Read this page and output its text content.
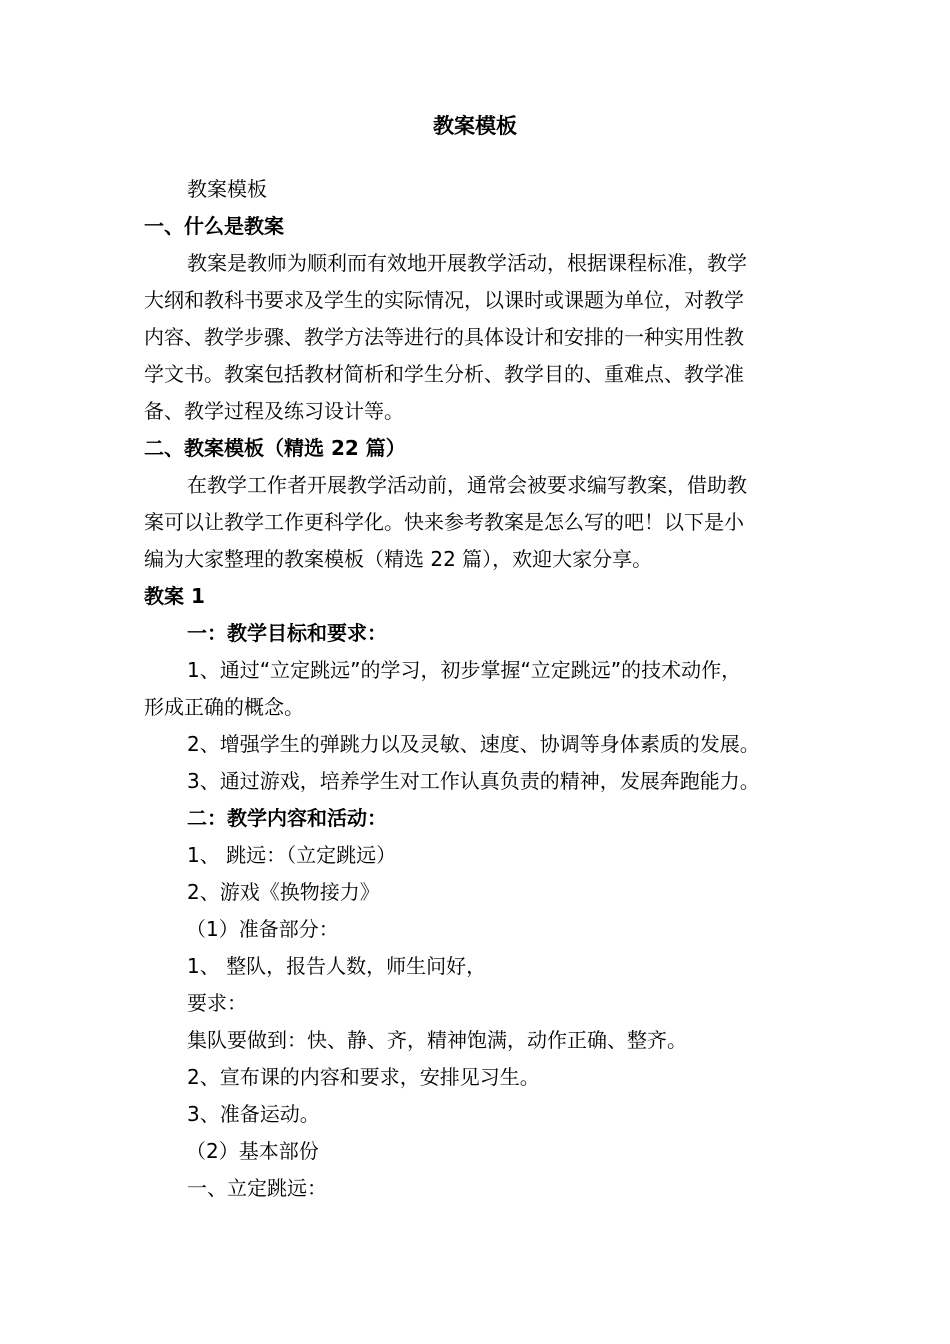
教案模板

教案模板

一、什么是教案

教案是教师为顺利而有效地开展教学活动，根据课程标准，教学
大纲和教科书要求及学生的实际情况，以课时或课题为单位，对教学
内容、教学步骤、教学方法等进行的具体设计和安排的一种实用性教
学文书。教案包括教材简析和学生分析、教学目的、重难点、教学准
备、教学过程及练习设计等。

二、教案模板（精选 22 篇）

在教学工作者开展教学活动前，通常会被要求编写教案，借助教
案可以让教学工作更科学化。快来参考教案是怎么写的吧！以下是小
编为大家整理的教案模板（精选 22 篇），欢迎大家分享。

教案 1

一：教学目标和要求：

1、通过“立定跳远”的学习，初步掌握“立定跳远”的技术动作，

形成正确的概念。

2、增强学生的弹跳力以及灵敏、速度、协调等身体素质的发展。

3、通过游戏，培养学生对工作认真负责的精神，发展奔跑能力。

二：教学内容和活动：

1、 跳远：（立定跳远）

2、游戏《换物接力》

（1）准备部分：

1、 整队，报告人数，师生问好，

要求：

集队要做到：快、静、齐，精神饱满，动作正确、整齐。

2、宣布课的内容和要求，安排见习生。

3、准备运动。

（2）基本部份

一、立定跳远：
